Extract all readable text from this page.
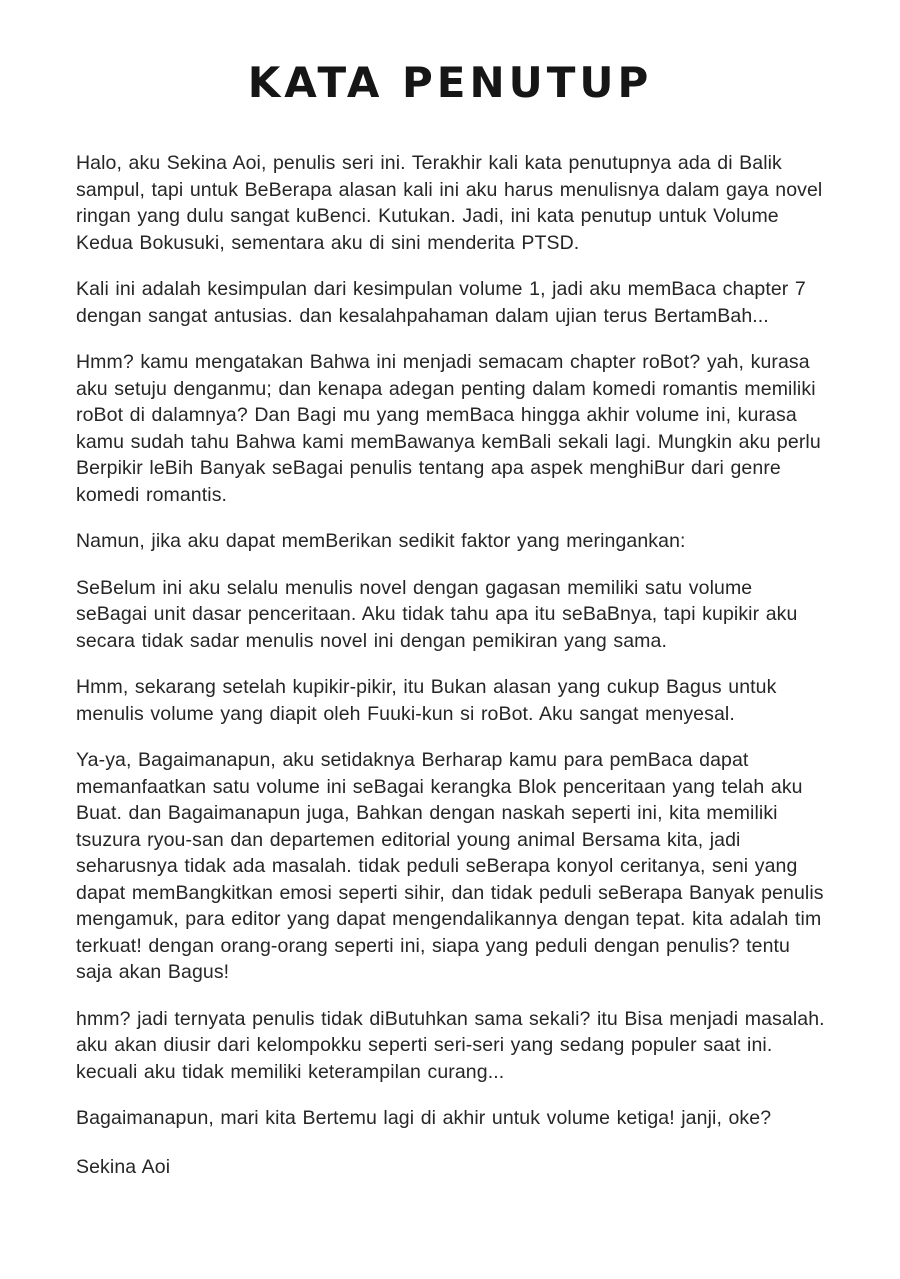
KATA PENUTUP

Halo, aku Sekina Aoi, penulis seri ini. Terakhir kali kata penutupnya ada di Balik sampul, tapi untuk BeBerapa alasan kali ini aku harus menulisnya dalam gaya novel ringan yang dulu sangat kuBenci. Kutukan. Jadi, ini kata penutup untuk Volume Kedua Bokusuki, sementara aku di sini menderita PTSD.

Kali ini adalah kesimpulan dari kesimpulan volume 1, jadi aku memBaca chapter 7 dengan sangat antusias. dan kesalahpahaman dalam ujian terus BertamBah...

Hmm? kamu mengatakan Bahwa ini menjadi semacam chapter roBot? yah, kurasa aku setuju denganmu; dan kenapa adegan penting dalam komedi romantis memiliki roBot di dalamnya? Dan Bagi mu yang memBaca hingga akhir volume ini, kurasa kamu sudah tahu Bahwa kami memBawanya kemBali sekali lagi. Mungkin aku perlu Berpikir leBih Banyak seBagai penulis tentang apa aspek menghiBur dari genre komedi romantis.

Namun, jika aku dapat memBerikan sedikit faktor yang meringankan:

SeBelum ini aku selalu menulis novel dengan gagasan memiliki satu volume seBagai unit dasar penceritaan. Aku tidak tahu apa itu seBaBnya, tapi kupikir aku secara tidak sadar menulis novel ini dengan pemikiran yang sama.

Hmm, sekarang setelah kupikir-pikir, itu Bukan alasan yang cukup Bagus untuk menulis volume yang diapit oleh Fuuki-kun si roBot. Aku sangat menyesal.

Ya-ya, Bagaimanapun, aku setidaknya Berharap kamu para pemBaca dapat memanfaatkan satu volume ini seBagai kerangka Blok penceritaan yang telah aku Buat. dan Bagaimanapun juga, Bahkan dengan naskah seperti ini, kita memiliki tsuzura ryou-san dan departemen editorial young animal Bersama kita, jadi seharusnya tidak ada masalah. tidak peduli seBerapa konyol ceritanya, seni yang dapat memBangkitkan emosi seperti sihir, dan tidak peduli seBerapa Banyak penulis mengamuk, para editor yang dapat mengendalikannya dengan tepat. kita adalah tim terkuat! dengan orang-orang seperti ini, siapa yang peduli dengan penulis? tentu saja akan Bagus!

hmm? jadi ternyata penulis tidak diButuhkan sama sekali? itu Bisa menjadi masalah. aku akan diusir dari kelompokku seperti seri-seri yang sedang populer saat ini. kecuali aku tidak memiliki keterampilan curang...

Bagaimanapun, mari kita Bertemu lagi di akhir untuk volume ketiga! janji, oke?

Sekina Aoi
